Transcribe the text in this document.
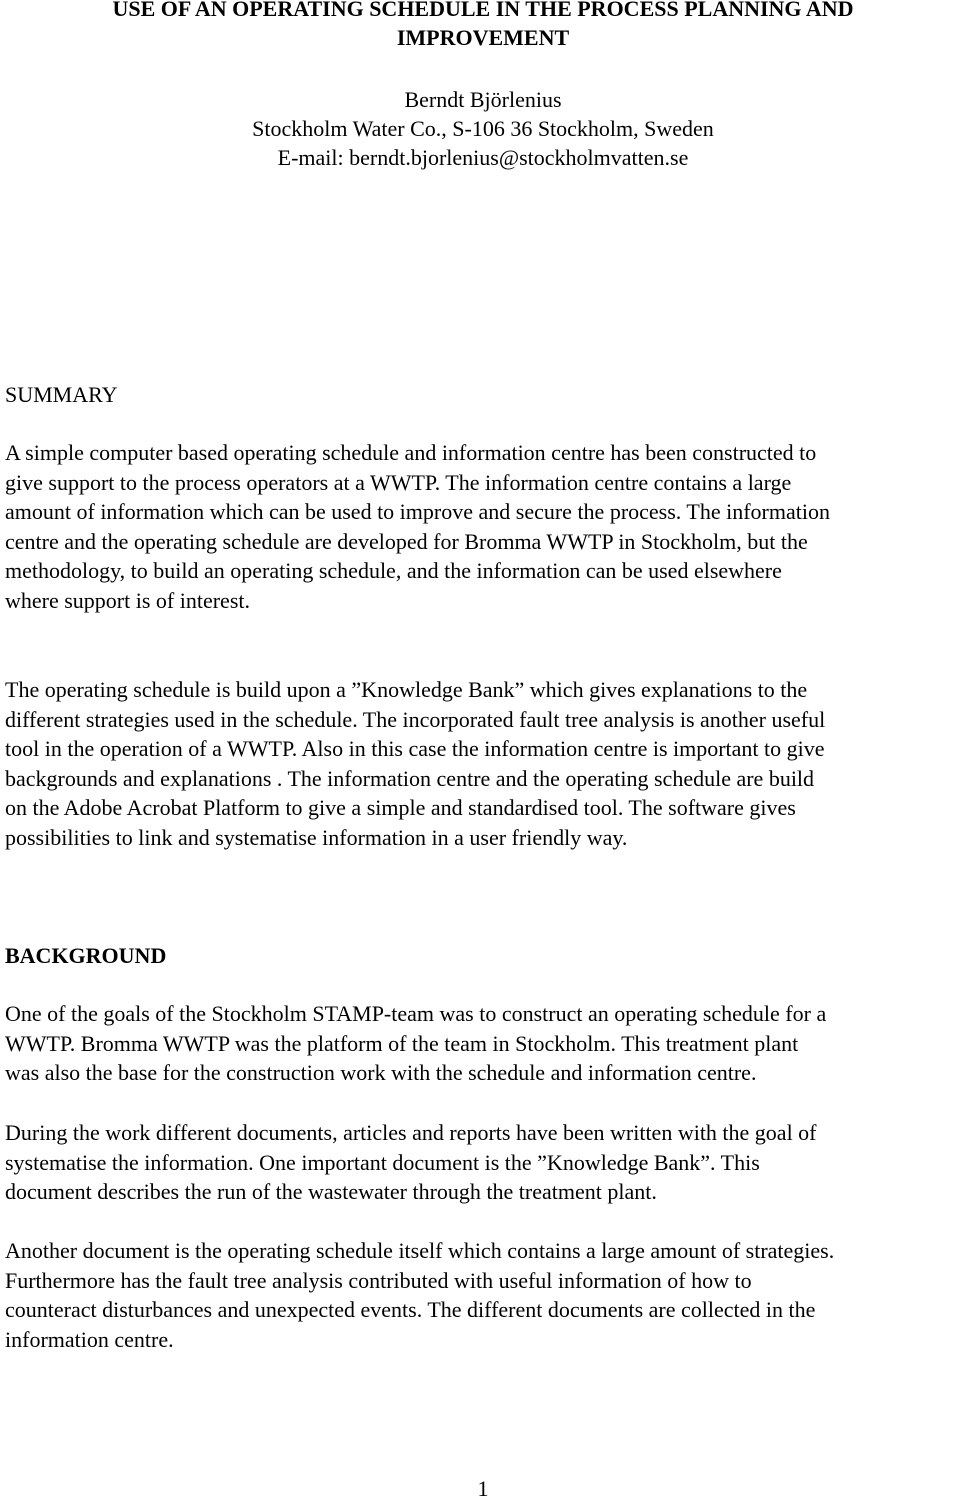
USE OF AN OPERATING SCHEDULE IN THE PROCESS PLANNING AND
IMPROVEMENT
Berndt Björlenius
Stockholm Water Co., S-106 36 Stockholm, Sweden
E-mail: berndt.bjorlenius@stockholmvatten.se
SUMMARY

A simple computer based operating schedule and information centre has been constructed to
give support to the process operators at a WWTP. The information centre contains a large
amount of information which can be used to improve and secure the process. The information
centre and the operating schedule are developed for Bromma WWTP in Stockholm, but the
methodology, to build an operating schedule, and the information can be used elsewhere
where support is of interest.

The operating schedule is build upon a ”Knowledge Bank” which gives explanations to the
different strategies used in the schedule. The incorporated fault tree analysis is another useful
tool in the operation of a WWTP. Also in this case the information centre is important to give
backgrounds and explanations . The information centre and the operating schedule are build
on the Adobe Acrobat Platform to give a simple and standardised tool. The software gives
possibilities to link and systematise information in a user friendly way.

BACKGROUND

One of the goals of the Stockholm STAMP-team was to construct an operating schedule for a
WWTP. Bromma WWTP was the platform of the team in Stockholm. This treatment plant
was also the base for the construction work with the schedule and information centre.

During the work different documents, articles and reports have been written with the goal of
systematise the information. One important document is the ”Knowledge Bank”. This
document describes the run of the wastewater through the treatment plant.

Another document is the operating schedule itself which contains a large amount of strategies.
Furthermore has the fault tree analysis contributed with useful information of how to
counteract disturbances and unexpected events. The different documents are collected in the
information centre.

1
